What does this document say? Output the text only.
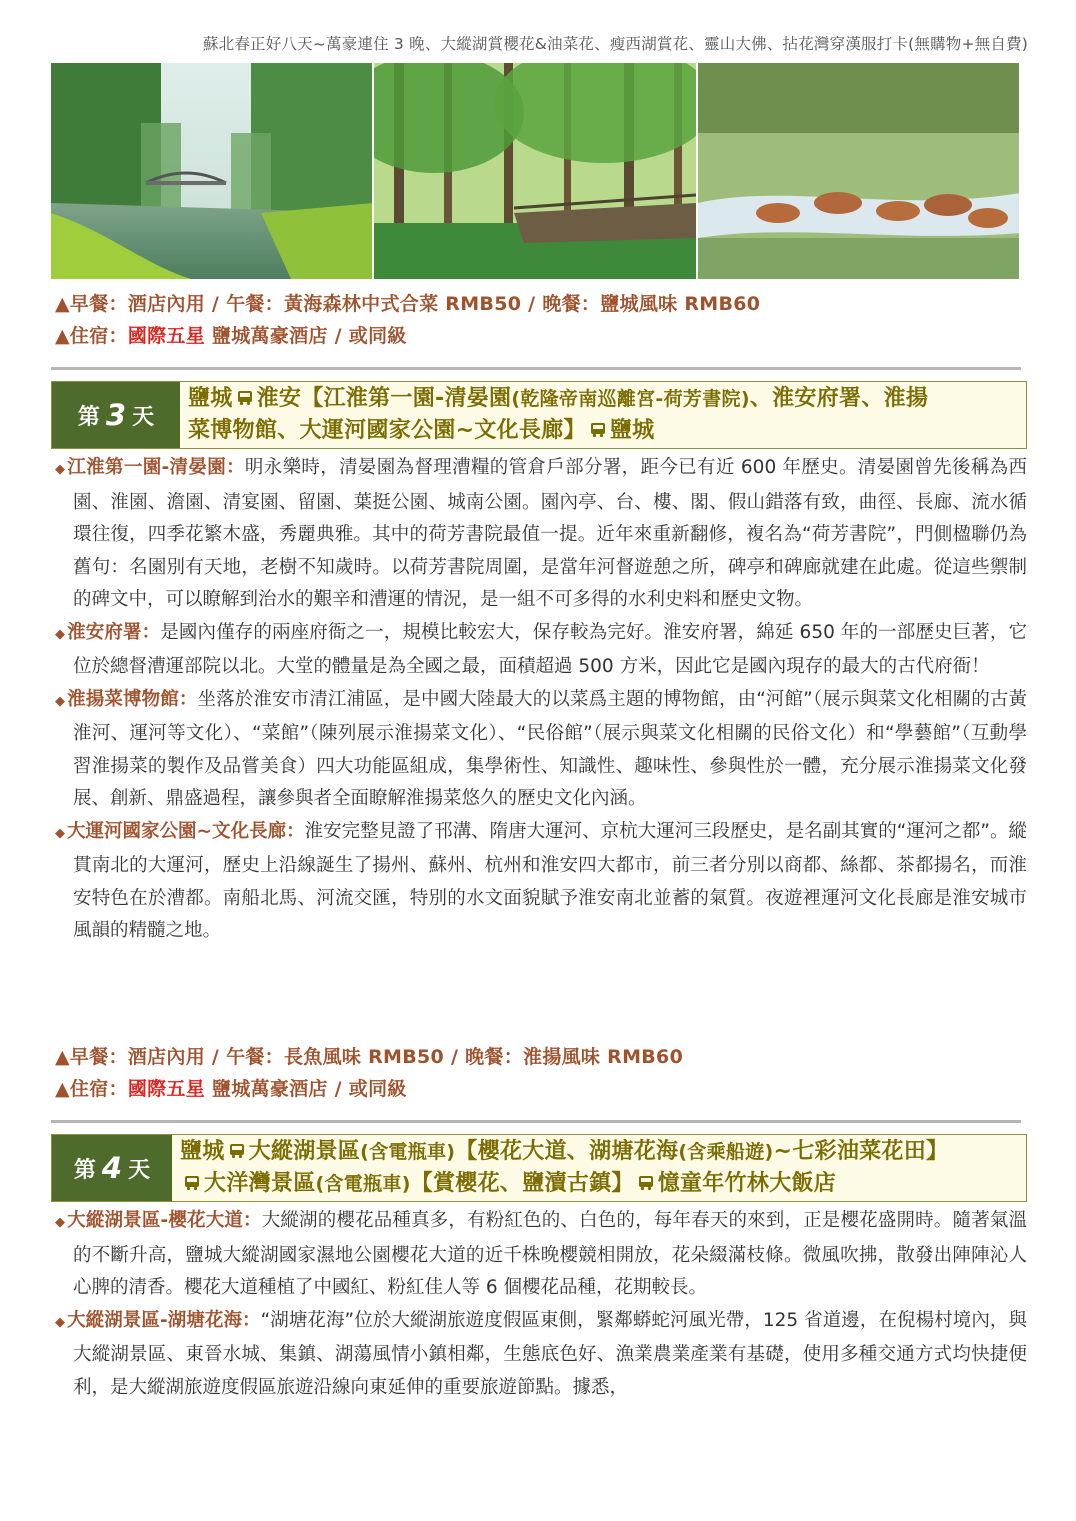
蘇北春正好八天~萬豪連住 3 晚、大縱湖賞櫻花&油菜花、瘦西湖賞花、靈山大佛、拈花灣穿漢服打卡(無購物+無自費)
▲早餐：酒店內用 / 午餐：黃海森林中式合菜 RMB50 / 晚餐：鹽城風味 RMB60
▲住宿：國際五星 鹽城萬豪酒店 / 或同級
第 3 天
鹽城 淮安【江淮第一園-清晏園(乾隆帝南巡離宮-荷芳書院)、淮安府署、淮揚
菜博物館、大運河國家公園~文化長廊】 鹽城
◆ 江淮第一園-清晏園：明永樂時，清晏園為督理漕糧的管倉戶部分署，距今已有近 600 年歷史。清晏園曾先後稱為西園、淮園、澹園、清宴園、留園、葉挺公園、城南公園。園內亭、台、樓、閣、假山錯落有致，曲徑、長廊、流水循環往復，四季花繁木盛，秀麗典雅。其中的荷芳書院最值一提。近年來重新翻修，複名為“荷芳書院”，門側楹聯仍為舊句：名園別有天地，老樹不知歲時。以荷芳書院周圍，是當年河督遊憩之所，碑亭和碑廊就建在此處。從這些禦制的碑文中，可以瞭解到治水的艱辛和漕運的情況，是一組不可多得的水利史料和歷史文物。
◆ 淮安府署：是國內僅存的兩座府衙之一，規模比較宏大，保存較為完好。淮安府署，綿延 650 年的一部歷史巨著，它位於總督漕運部院以北。大堂的體量是為全國之最，面積超過 500 方米，因此它是國內現存的最大的古代府衙！
◆ 淮揚菜博物館：坐落於淮安市清江浦區，是中國大陸最大的以菜爲主題的博物館，由“河館”（展示與菜文化相關的古黃淮河、運河等文化）、“菜館”（陳列展示淮揚菜文化）、“民俗館”（展示與菜文化相關的民俗文化）和“學藝館”（互動學習淮揚菜的製作及品嘗美食）四大功能區組成，集學術性、知識性、趣味性、參與性於一體，充分展示淮揚菜文化發展、創新、鼎盛過程，讓參與者全面瞭解淮揚菜悠久的歷史文化內涵。
◆ 大運河國家公園~文化長廊：淮安完整見證了邗溝、隋唐大運河、京杭大運河三段歷史，是名副其實的“運河之都”。縱貫南北的大運河，歷史上沿線誕生了揚州、蘇州、杭州和淮安四大都市，前三者分別以商都、絲都、茶都揚名，而淮安特色在於漕都。南船北馬、河流交匯，特別的水文面貌賦予淮安南北並蓄的氣質。夜遊裡運河文化長廊是淮安城市風韻的精髓之地。
▲早餐：酒店內用 / 午餐：長魚風味 RMB50 / 晚餐：淮揚風味 RMB60
▲住宿：國際五星 鹽城萬豪酒店 / 或同級
第 4 天
鹽城 大縱湖景區(含電瓶車)【櫻花大道、湖塘花海(含乘船遊)~七彩油菜花田】
大洋灣景區(含電瓶車)【賞櫻花、鹽瀆古鎮】 憶童年竹林大飯店
◆ 大縱湖景區-櫻花大道：大縱湖的櫻花品種真多，有粉紅色的、白色的，每年春天的來到，正是櫻花盛開時。隨著氣溫的不斷升高，鹽城大縱湖國家濕地公園櫻花大道的近千株晚櫻競相開放，花朵綴滿枝條。微風吹拂，散發出陣陣沁人心脾的清香。櫻花大道種植了中國紅、粉紅佳人等 6 個櫻花品種，花期較長。
◆ 大縱湖景區-湖塘花海：“湖塘花海”位於大縱湖旅遊度假區東側，緊鄰蟒蛇河風光帶，125 省道邊，在倪楊村境內，與大縱湖景區、東晉水城、集鎮、湖蕩風情小鎮相鄰，生態底色好、漁業農業產業有基礎，使用多種交通方式均快捷便利，是大縱湖旅遊度假區旅遊沿線向東延伸的重要旅遊節點。據悉，
